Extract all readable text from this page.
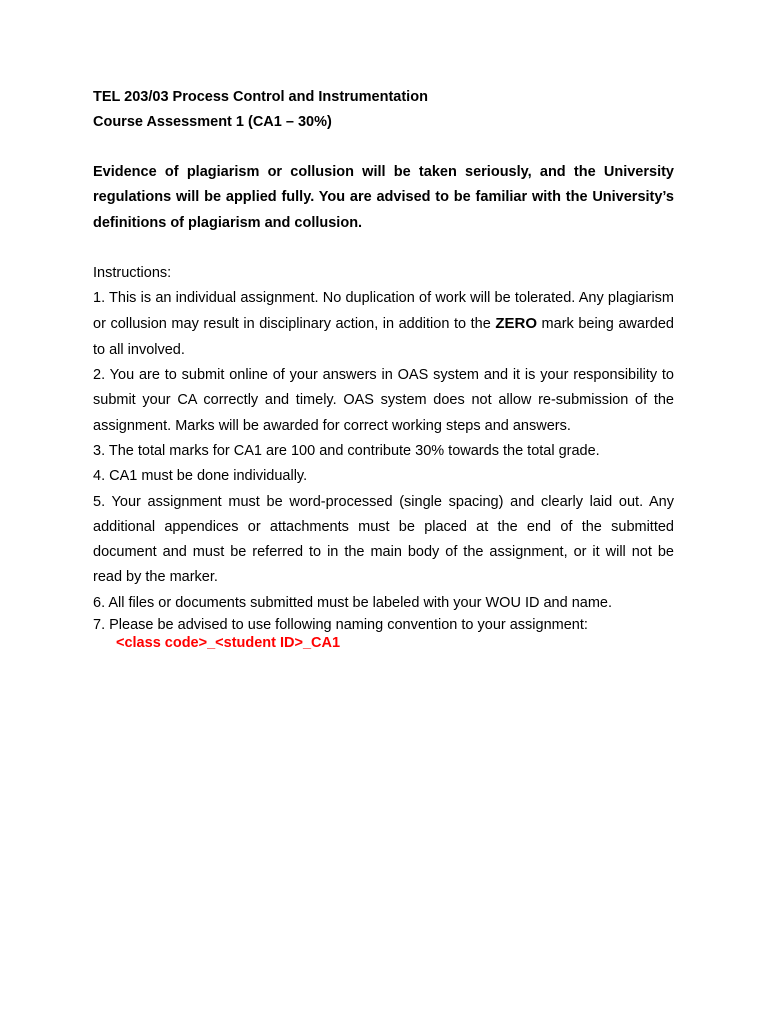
TEL 203/03 Process Control and Instrumentation

Course Assessment 1 (CA1 – 30%)

Evidence of plagiarism or collusion will be taken seriously, and the University regulations will be applied fully. You are advised to be familiar with the University’s definitions of plagiarism and collusion.

Instructions:

1. This is an individual assignment. No duplication of work will be tolerated. Any plagiarism or collusion may result in disciplinary action, in addition to the ZERO mark being awarded to all involved.
2. You are to submit online of your answers in OAS system and it is your responsibility to submit your CA correctly and timely. OAS system does not allow re-submission of the assignment. Marks will be awarded for correct working steps and answers.
3. The total marks for CA1 are 100 and contribute 30% towards the total grade.
4. CA1 must be done individually.
5. Your assignment must be word-processed (single spacing) and clearly laid out. Any additional appendices or attachments must be placed at the end of the submitted document and must be referred to in the main body of the assignment, or it will not be read by the marker.
6. All files or documents submitted must be labeled with your WOU ID and name.
7. Please be advised to use following naming convention to your assignment:

<class code>_<student ID>_CA1
